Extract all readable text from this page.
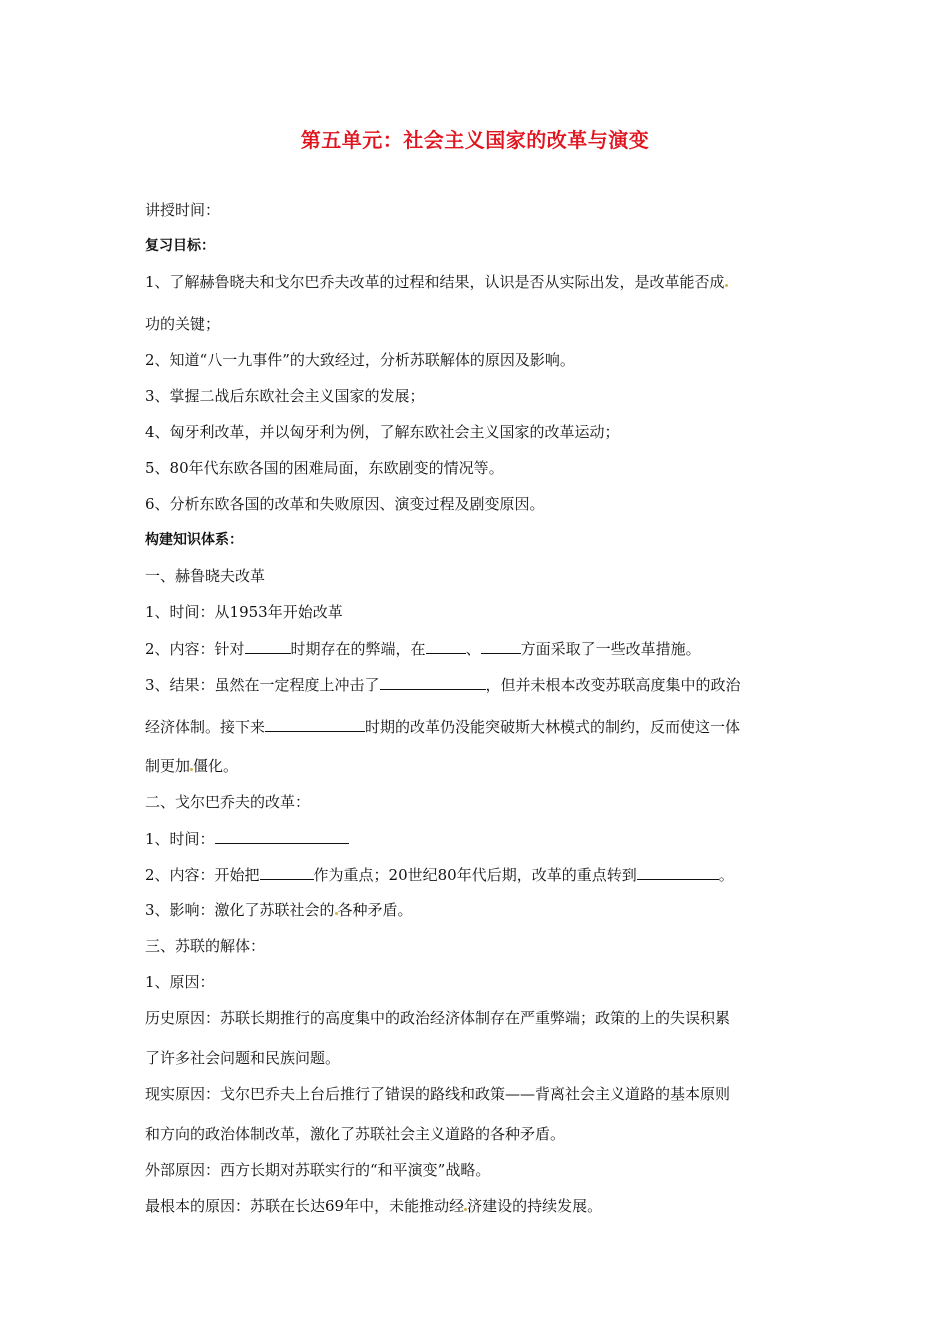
第五单元：社会主义国家的改革与演变
讲授时间：
复习目标：
1、了解赫鲁晓夫和戈尔巴乔夫改革的过程和结果，认识是否从实际出发，是改革能否成
功的关键；
2、知道“八一九事件”的大致经过，分析苏联解体的原因及影响。
3、掌握二战后东欧社会主义国家的发展；
4、匈牙利改革，并以匈牙利为例，了解东欧社会主义国家的改革运动；
5、80年代东欧各国的困难局面，东欧剧变的情况等。
6、分析东欧各国的改革和失败原因、演变过程及剧变原因。
构建知识体系：
一、赫鲁晓夫改革
1、时间：从1953年开始改革
2、内容：针对	时期存在的弊端，在	、	方面采取了一些改革措施。
3、结果：虽然在一定程度上冲击了	，但并未根本改变苏联高度集中的政治
经济体制。接下来	时期的改革仍没能突破斯大林模式的制约，反而使这一体
制更加 僵化。
二、戈尔巴乔夫的改革：
1、时间：
2、内容：开始把	作为重点；20世纪80年代后期，改革的重点转到	。
3、影响：激化了苏联社会的 各种矛盾。
三、苏联的解体：
1、原因：
历史原因：苏联长期推行的高度集中的政治经济体制存在严重弊端；政策的上的失误积累
了许多社会问题和民族问题。
现实原因：戈尔巴乔夫上台后推行了错误的路线和政策——背离社会主义道路的基本原则
和方向的政治体制改革，激化了苏联社会主义道路的各种矛盾。
外部原因：西方长期对苏联实行的“和平演变”战略。
最根本的原因：苏联在长达69年中，未能推动经 济建设的持续发展。
